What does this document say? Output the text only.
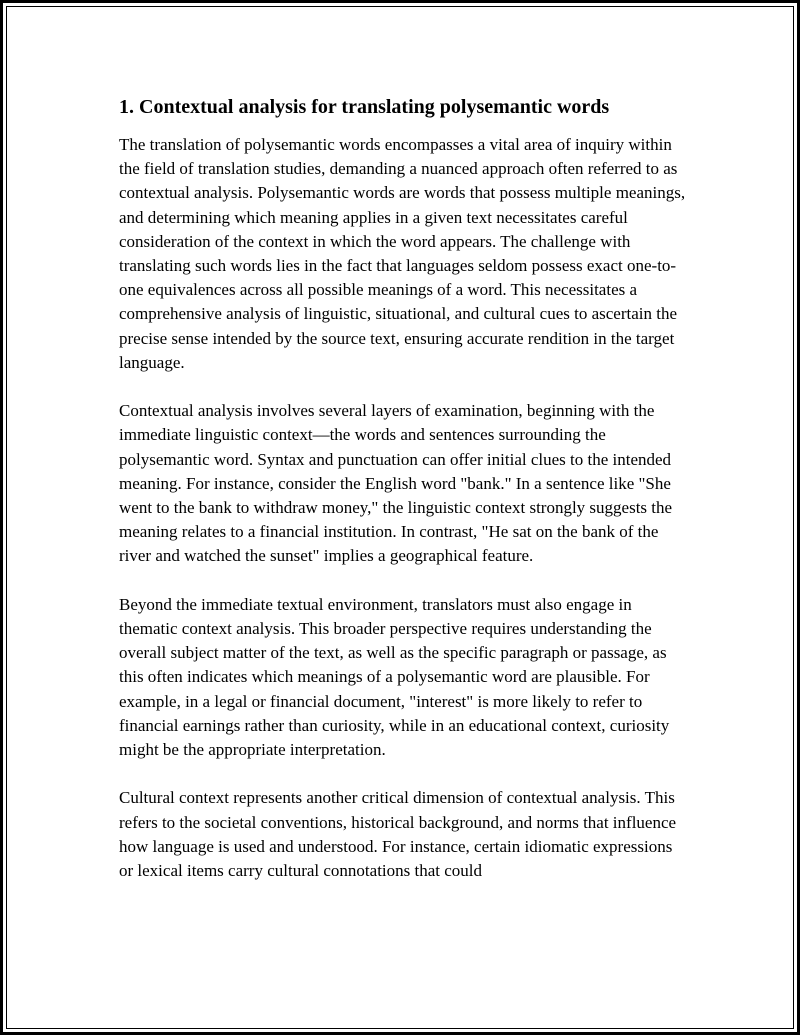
1. Contextual analysis for translating polysemantic words

The translation of polysemantic words encompasses a vital area of inquiry within the field of translation studies, demanding a nuanced approach often referred to as contextual analysis. Polysemantic words are words that possess multiple meanings, and determining which meaning applies in a given text necessitates careful consideration of the context in which the word appears. The challenge with translating such words lies in the fact that languages seldom possess exact one-to-one equivalences across all possible meanings of a word. This necessitates a comprehensive analysis of linguistic, situational, and cultural cues to ascertain the precise sense intended by the source text, ensuring accurate rendition in the target language.

Contextual analysis involves several layers of examination, beginning with the immediate linguistic context—the words and sentences surrounding the polysemantic word. Syntax and punctuation can offer initial clues to the intended meaning. For instance, consider the English word "bank." In a sentence like "She went to the bank to withdraw money," the linguistic context strongly suggests the meaning relates to a financial institution. In contrast, "He sat on the bank of the river and watched the sunset" implies a geographical feature.

Beyond the immediate textual environment, translators must also engage in thematic context analysis. This broader perspective requires understanding the overall subject matter of the text, as well as the specific paragraph or passage, as this often indicates which meanings of a polysemantic word are plausible. For example, in a legal or financial document, "interest" is more likely to refer to financial earnings rather than curiosity, while in an educational context, curiosity might be the appropriate interpretation.

Cultural context represents another critical dimension of contextual analysis. This refers to the societal conventions, historical background, and norms that influence how language is used and understood. For instance, certain idiomatic expressions or lexical items carry cultural connotations that could
